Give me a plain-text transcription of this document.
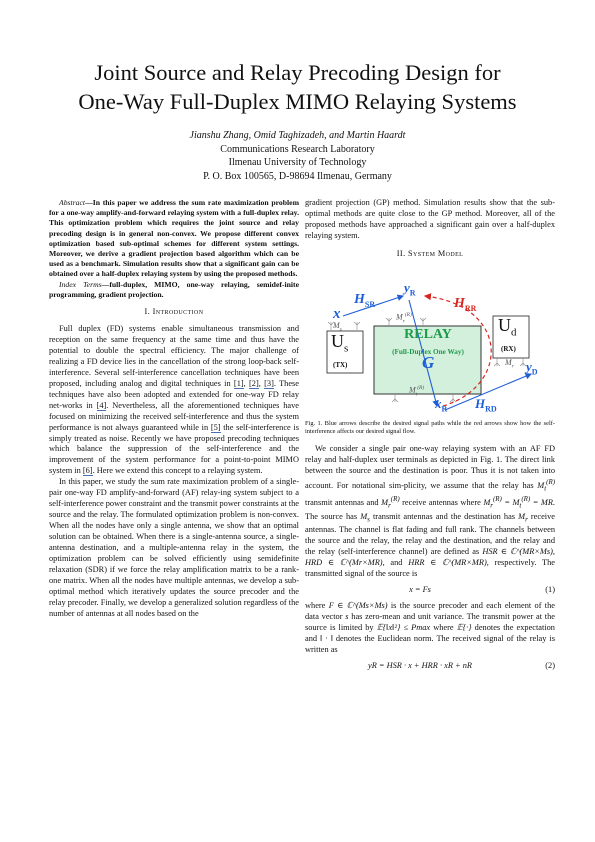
Joint Source and Relay Precoding Design for
One-Way Full-Duplex MIMO Relaying Systems
Jianshu Zhang, Omid Taghizadeh, and Martin Haardt
Communications Research Laboratory
Ilmenau University of Technology
P. O. Box 100565, D-98694 Ilmenau, Germany

Abstract—In this paper we address the sum rate maximization problem for a one-way amplify-and-forward relaying system with a full-duplex relay. This optimization problem which requires the joint source and relay precoding design is in general non-convex. We propose different convex optimization based sub-optimal schemes for different system settings. Moreover, we derive a gradient projection based algorithm which can be used as a benchmark. Simulation results show that a significant gain can be obtained over a half-duplex relaying system by using the proposed methods.

Index Terms—full-duplex, MIMO, one-way relaying, semidef-inite programming, gradient projection.

I. Introduction

Full duplex (FD) systems enable simultaneous transmission and reception on the same frequency at the same time and thus have the potential to double the spectral efficiency. The major challenge of realizing a FD device lies in the cancellation of the strong loop-back self-interference. Several self-interference cancellation techniques have been proposed, including analog and digital techniques in [1], [2], [3]. These techniques have also been adopted and extended for one-way FD relay net-works in [4]. Nevertheless, all the aforementioned techniques have focused on minimizing the received self-interference and thus the system performance is not always guaranteed while in [5] the self-interference is simply treated as noise. Recently we have proposed precoding techniques which balance the suppression of the self-interference and the improvement of the system performance for a point-to-point MIMO system in [6]. Here we extend this concept to a relaying system.

In this paper, we study the sum rate maximization problem of a single-pair one-way FD amplify-and-forward (AF) relay-ing system subject to a self-interference power constraint and the transmit power constraints at the source and the relay. The formulated optimization problem is non-convex. When all the nodes have only a single antenna, we show that an optimal solution can be obtained. When there is a single-antenna source, a single-antenna destination, and a multiple-antenna relay in the system, the optimization problem can be solved efficiently using semidefinite relaxation (SDR) if we force the relay amplification matrix to be a rank-one matrix. When all the nodes have multiple antennas, we develop a sub-optimal method which iteratively updates the source precoder and the relay precoder. Finally, we develop a generalized solution regardless of the number of antennas at all nodes based on the

gradient projection (GP) method. Simulation results show that the sub-optimal methods are quite close to the GP method. Moreover, all of the proposed methods have approached a significant gain over a half-duplex relaying system.

II. System Model
x
$H_{SR}$
$y_R$
$H_{RR}$
$M_s$
$M_r^{(R)}$
RELAY
(Full-Duplex One Way)
G
$U_s$
(TX)
$U_d$
(RX)
$M_t^{(R)}$
$M_r$ $y_D$
$x_R$ $H_{RD}$

Fig. 1. Blue arrows describe the desired signal paths while the red arrows show how the self-interference affects our desired signal flow.

We consider a single pair one-way relaying system with an AF FD relay and half-duplex user terminals as depicted in Fig. 1. The direct link between the source and the destination is poor. Thus it is not taken into account. For notational sim-plicity, we assume that the relay has $M_t^{(R)}$ transmit antennas and $M_r^{(R)}$ receive antennas where $M_r^{(R)} = M_t^{(R)}$ = MR. The source has $M_s$ transmit antennas and the destination has $M_r$ receive antennas. The channel is flat fading and full rank. The channels between the source and the relay, the relay and the destination, and the relay and the relay (self-interference channel) are defined as HSR ∈ ℂ^(MR×Ms), HRD ∈ ℂ^(Mr×MR), and HRR ∈ ℂ^(MR×MR), respectively. The transmitted signal of the source is

x = Fs	(1)

where F ∈ ℂ^(Ms×Ms) is the source precoder and each element of the data vector s has zero-mean and unit variance. The transmit power at the source is limited by 𝔼{‖x‖²} ≤ Pmax where 𝔼{·} denotes the expectation and ‖ · ‖ denotes the Euclidean norm. The received signal of the relay is written as

yR = HSR · x + HRR · xR + nR	(2)
